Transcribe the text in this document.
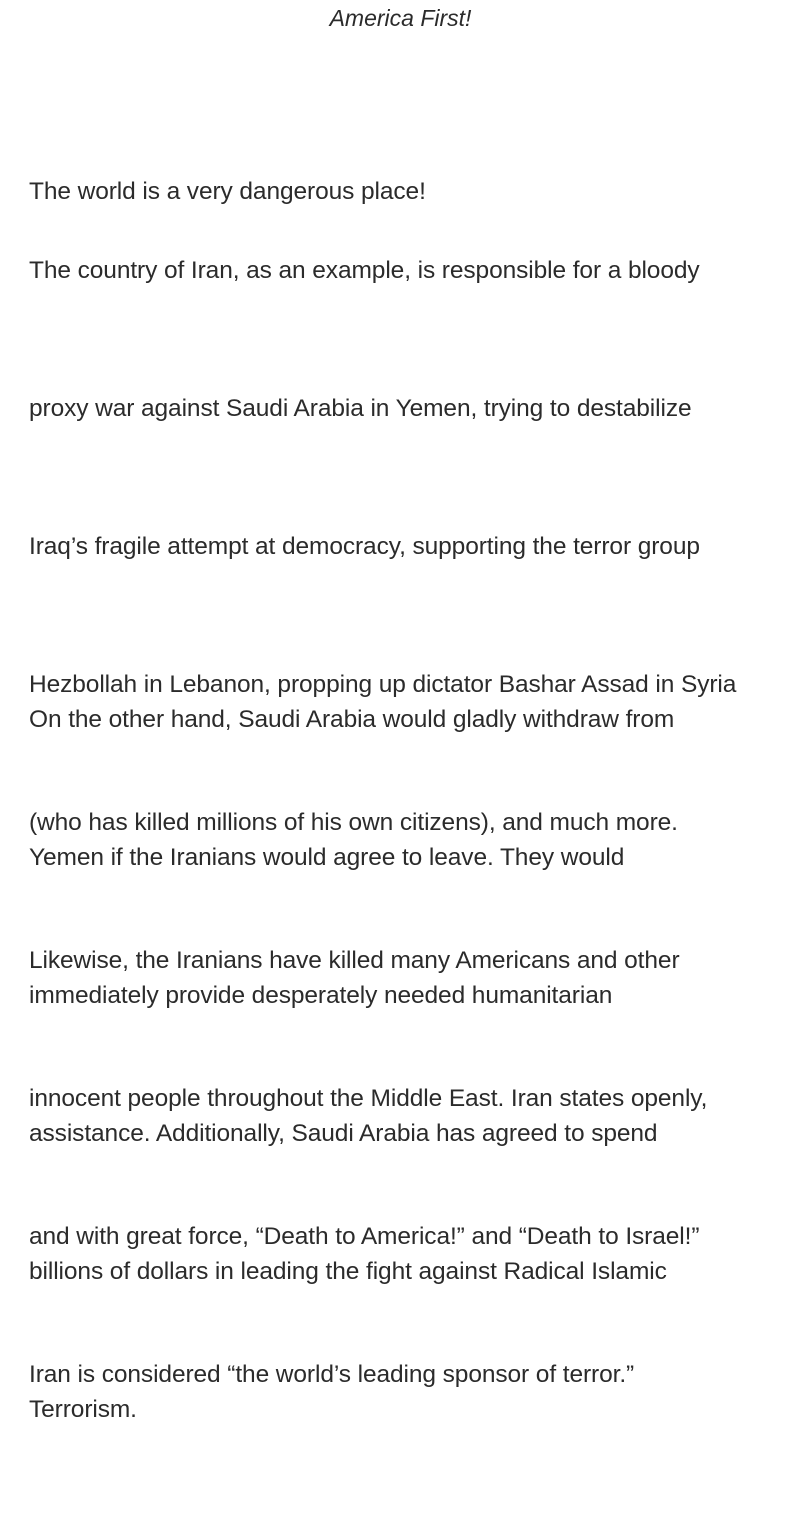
America First!

The world is a very dangerous place!

The country of Iran, as an example, is responsible for a bloody

proxy war against Saudi Arabia in Yemen, trying to destabilize

Iraq’s fragile attempt at democracy, supporting the terror group

Hezbollah in Lebanon, propping up dictator Bashar Assad in Syria

(who has killed millions of his own citizens), and much more.

Likewise, the Iranians have killed many Americans and other

innocent people throughout the Middle East. Iran states openly,

and with great force, “Death to America!” and “Death to Israel!”

Iran is considered “the world’s leading sponsor of terror.”

On the other hand, Saudi Arabia would gladly withdraw from

Yemen if the Iranians would agree to leave. They would

immediately provide desperately needed humanitarian

assistance. Additionally, Saudi Arabia has agreed to spend

billions of dollars in leading the fight against Radical Islamic

Terrorism.
